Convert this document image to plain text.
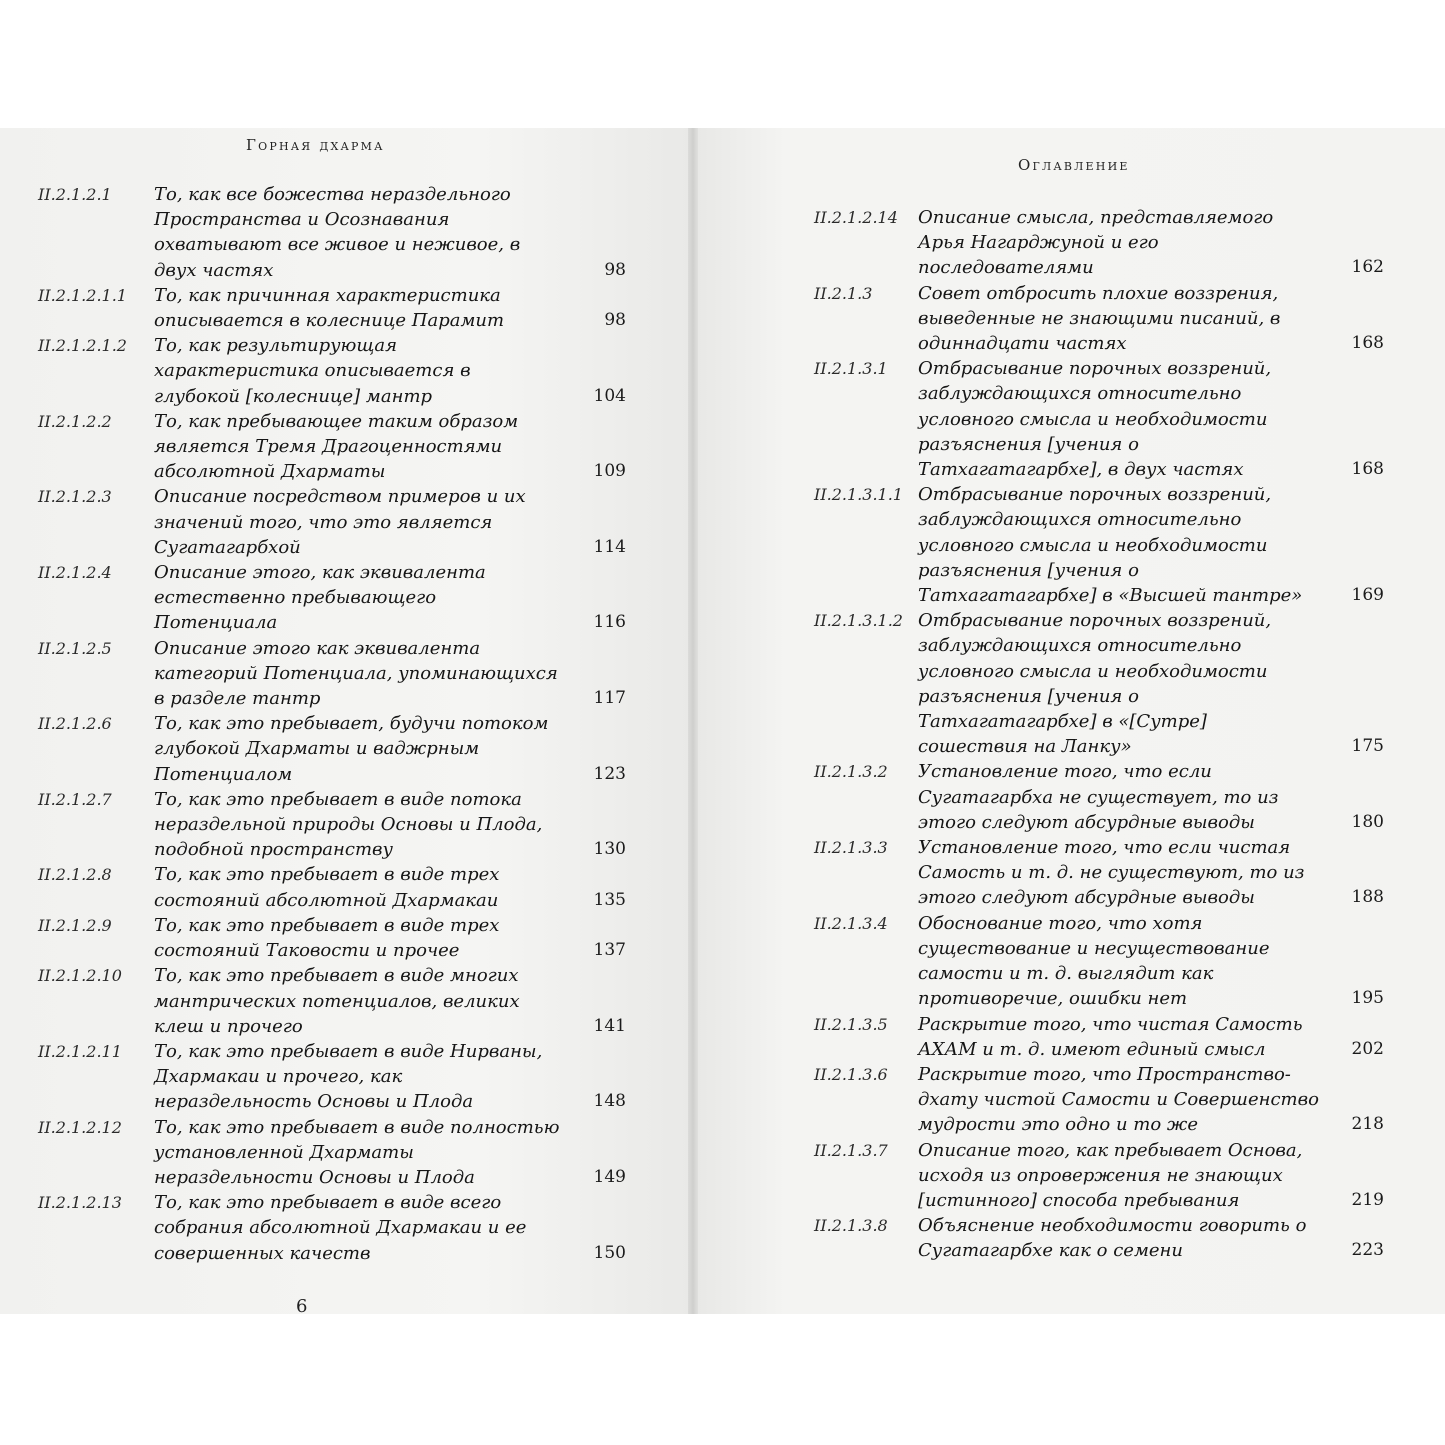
Горная дхарма
Оглавление
II.2.1.2.1 То, как все божества нераздельного Пространства и Осознавания охватывают все живое и неживое, в двух частях	98
II.2.1.2.1.1 То, как причинная характеристика описывается в колеснице Парамит	98
II.2.1.2.1.2 То, как результирующая характеристика описывается в глубокой [колеснице] мантр	104
II.2.1.2.2 То, как пребывающее таким образом является Тремя Драгоценностями абсолютной Дхарматы	109
II.2.1.2.3 Описание посредством примеров и их значений того, что это является Сугатагарбхой	114
II.2.1.2.4 Описание этого, как эквивалента естественно пребывающего Потенциала	116
II.2.1.2.5 Описание этого как эквивалента категорий Потенциала, упоминающихся в разделе тантр	117
II.2.1.2.6 То, как это пребывает, будучи потоком глубокой Дхарматы и ваджрным Потенциалом	123
II.2.1.2.7 То, как это пребывает в виде потока нераздельной природы Основы и Плода, подобной пространству	130
II.2.1.2.8 То, как это пребывает в виде трех состояний абсолютной Дхармакаи	135
II.2.1.2.9 То, как это пребывает в виде трех состояний Таковости и прочее	137
II.2.1.2.10 То, как это пребывает в виде многих мантрических потенциалов, великих клеш и прочего	141
II.2.1.2.11 То, как это пребывает в виде Нирваны, Дхармакаи и прочего, как нераздельность Основы и Плода	148
II.2.1.2.12 То, как это пребывает в виде полностью установленной Дхарматы нераздельности Основы и Плода	149
II.2.1.2.13 То, как это пребывает в виде всего собрания абсолютной Дхармакаи и ее совершенных качеств	150
II.2.1.2.14 Описание смысла, представляемого Арья Нагарджуной и его последователями	162
II.2.1.3	Совет отбросить плохие воззрения, выведенные не знающими писаний, в одиннадцати частях	168
II.2.1.3.1 Отбрасывание порочных воззрений, заблуждающихся относительно условного смысла и необходимости разъяснения [учения о Татхагатагарбхе], в двух частях	168
II.2.1.3.1.1 Отбрасывание порочных воззрений, заблуждающихся относительно условного смысла и необходимости разъяснения [учения о Татхагатагарбхе] в «Высшей тантре»	169
II.2.1.3.1.2 Отбрасывание порочных воззрений, заблуждающихся относительно условного смысла и необходимости разъяснения [учения о Татхагатагарбхе] в «[Сутре] сошествия на Ланку»	175
II.2.1.3.2 Установление того, что если Сугатагарбха не существует, то из этого следуют абсурдные выводы	180
II.2.1.3.3 Установление того, что если чистая Самость и т. д. не существуют, то из этого следуют абсурдные выводы	188
II.2.1.3.4 Обоснование того, что хотя существование и несуществование самости и т. д. выглядит как противоречие, ошибки нет	195
II.2.1.3.5 Раскрытие того, что чистая Самость АХАМ и т. д. имеют единый смысл	202
II.2.1.3.6 Раскрытие того, что Пространство-дхату чистой Самости и Совершенство мудрости это одно и то же	218
II.2.1.3.7 Описание того, как пребывает Основа, исходя из опровержения не знающих [истинного] способа пребывания	219
II.2.1.3.8 Объяснение необходимости говорить о Сугатагарбхе как о семени	223
6
